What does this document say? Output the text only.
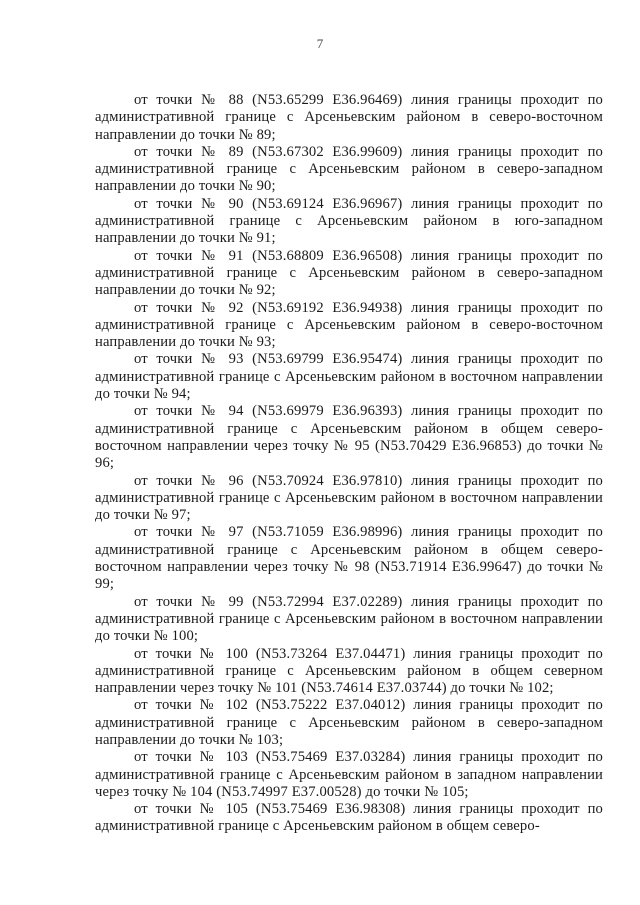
7

от точки № 88 (N53.65299 E36.96469) линия границы проходит по административной границе с Арсеньевским районом в северо-восточном направлении до точки № 89;

от точки № 89 (N53.67302 E36.99609) линия границы проходит по административной границе с Арсеньевским районом в северо-западном направлении до точки № 90;

от точки № 90 (N53.69124 E36.96967) линия границы проходит по административной границе с Арсеньевским районом в юго-западном направлении до точки № 91;

от точки № 91 (N53.68809 E36.96508) линия границы проходит по административной границе с Арсеньевским районом в северо-западном направлении до точки № 92;

от точки № 92 (N53.69192 E36.94938) линия границы проходит по административной границе с Арсеньевским районом в северо-восточном направлении до точки № 93;

от точки № 93 (N53.69799 E36.95474) линия границы проходит по административной границе с Арсеньевским районом в восточном направлении до точки № 94;

от точки № 94 (N53.69979 E36.96393) линия границы проходит по административной границе с Арсеньевским районом в общем северо-восточном направлении через точку № 95 (N53.70429 E36.96853) до точки № 96;

от точки № 96 (N53.70924 E36.97810) линия границы проходит по административной границе с Арсеньевским районом в восточном направлении до точки № 97;

от точки № 97 (N53.71059 E36.98996) линия границы проходит по административной границе с Арсеньевским районом в общем северо-восточном направлении через точку № 98 (N53.71914 E36.99647) до точки № 99;

от точки № 99 (N53.72994 E37.02289) линия границы проходит по административной границе с Арсеньевским районом в восточном направлении до точки № 100;

от точки № 100 (N53.73264 E37.04471) линия границы проходит по административной границе с Арсеньевским районом в общем северном направлении через точку № 101 (N53.74614 E37.03744) до точки № 102;

от точки № 102 (N53.75222 E37.04012) линия границы проходит по административной границе с Арсеньевским районом в северо-западном направлении до точки № 103;

от точки № 103 (N53.75469 E37.03284) линия границы проходит по административной границе с Арсеньевским районом в западном направлении через точку № 104 (N53.74997 E37.00528) до точки № 105;

от точки № 105 (N53.75469 E36.98308) линия границы проходит по административной границе с Арсеньевским районом в общем северо-
